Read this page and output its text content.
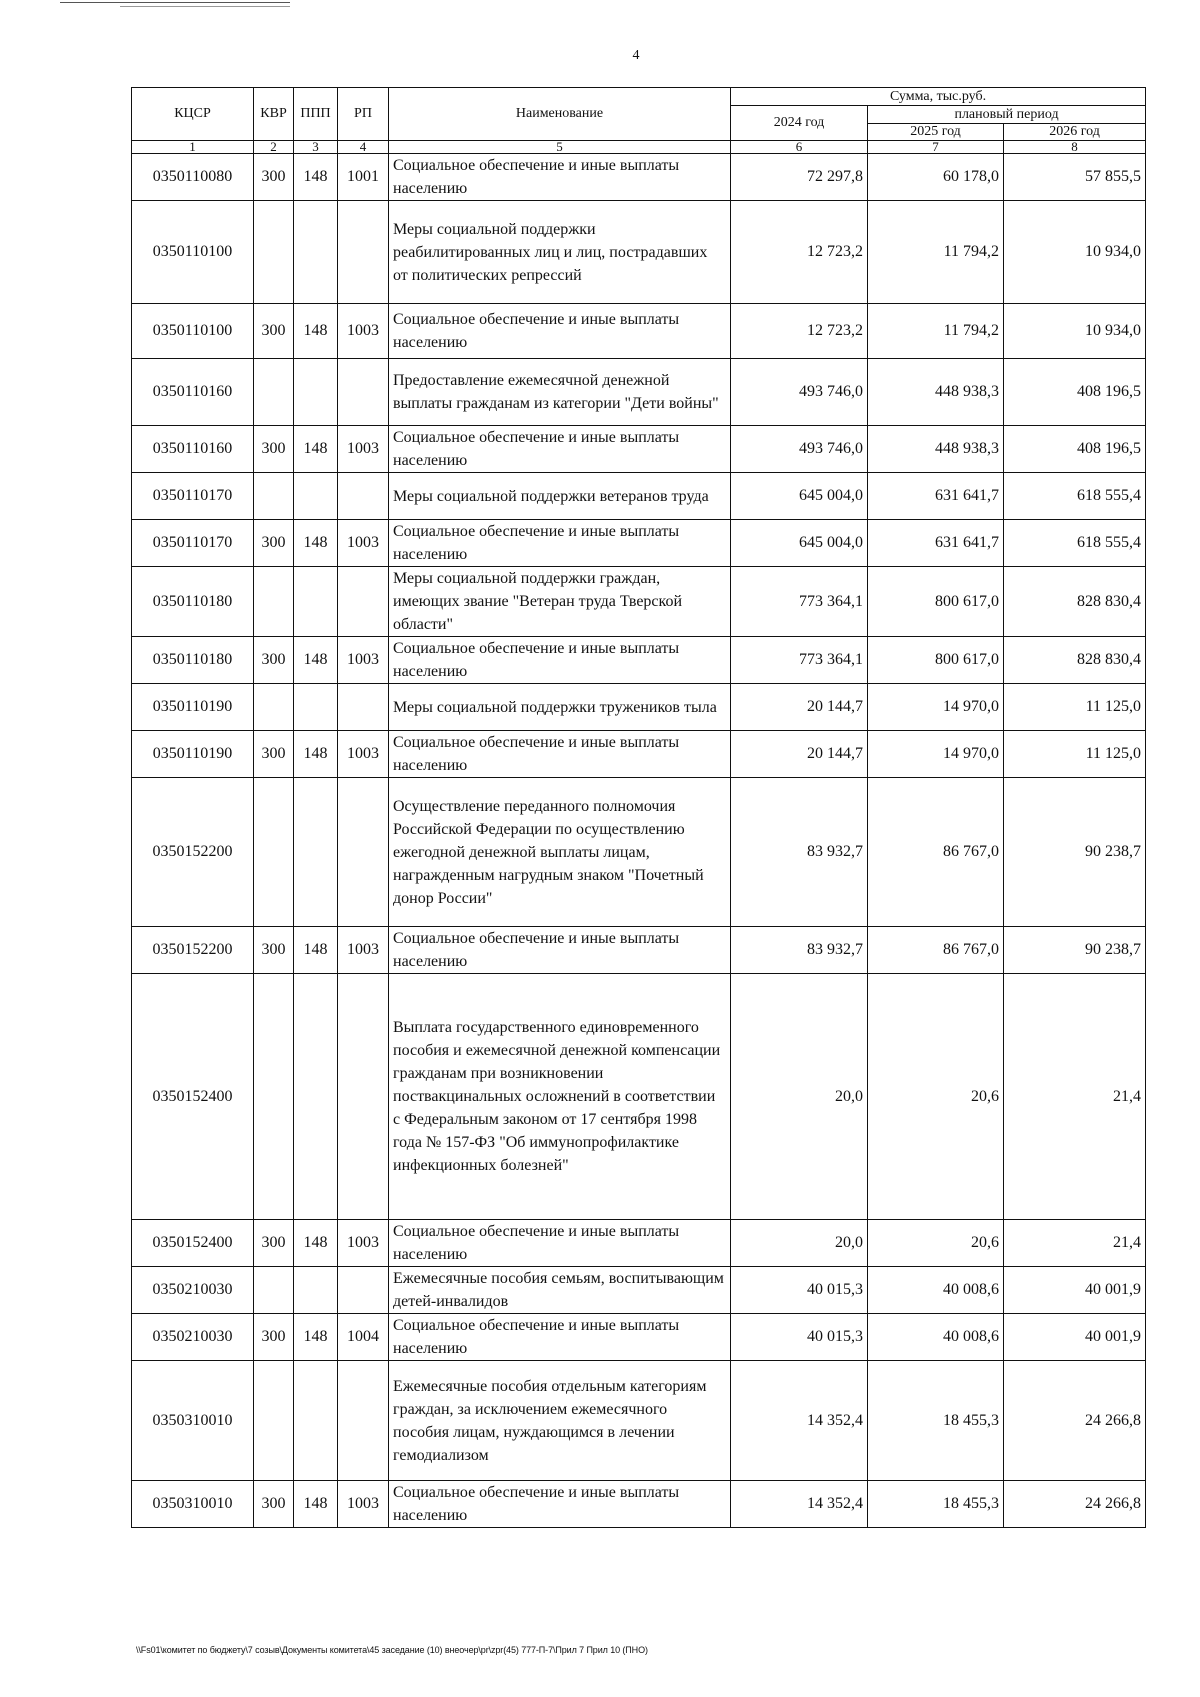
4
КЦСР	КВР	ППП	РП	Наименование	Сумма, тыс.руб.		
					2024 год	плановый период	
						2025 год	2026 год
1	2	3	4	5	6	7	8
0350110080	300	148	1001	Социальное обеспечение и иные выплаты населению	72 297,8	60 178,0	57 855,5
0350110100				Меры социальной поддержки реабилитированных лиц и лиц, пострадавших от политических репрессий	12 723,2	11 794,2	10 934,0
0350110100	300	148	1003	Социальное обеспечение и иные выплаты населению	12 723,2	11 794,2	10 934,0
0350110160				Предоставление ежемесячной денежной выплаты гражданам из категории "Дети войны"	493 746,0	448 938,3	408 196,5
0350110160	300	148	1003	Социальное обеспечение и иные выплаты населению	493 746,0	448 938,3	408 196,5
0350110170				Меры социальной поддержки ветеранов труда	645 004,0	631 641,7	618 555,4
0350110170	300	148	1003	Социальное обеспечение и иные выплаты населению	645 004,0	631 641,7	618 555,4
0350110180				Меры социальной поддержки граждан, имеющих звание "Ветеран труда Тверской области"	773 364,1	800 617,0	828 830,4
0350110180	300	148	1003	Социальное обеспечение и иные выплаты населению	773 364,1	800 617,0	828 830,4
0350110190				Меры социальной поддержки тружеников тыла	20 144,7	14 970,0	11 125,0
0350110190	300	148	1003	Социальное обеспечение и иные выплаты населению	20 144,7	14 970,0	11 125,0
0350152200				Осуществление переданного полномочия Российской Федерации по осуществлению ежегодной денежной выплаты лицам, награжденным нагрудным знаком "Почетный донор России"	83 932,7	86 767,0	90 238,7
0350152200	300	148	1003	Социальное обеспечение и иные выплаты населению	83 932,7	86 767,0	90 238,7
0350152400				Выплата государственного единовременного пособия и ежемесячной денежной компенсации гражданам при возникновении поствакцинальных осложнений в соответствии с Федеральным законом от 17 сентября 1998 года № 157-ФЗ "Об иммунопрофилактике инфекционных болезней"	20,0	20,6	21,4
0350152400	300	148	1003	Социальное обеспечение и иные выплаты населению	20,0	20,6	21,4
0350210030				Ежемесячные пособия семьям, воспитывающим детей-инвалидов	40 015,3	40 008,6	40 001,9
0350210030	300	148	1004	Социальное обеспечение и иные выплаты населению	40 015,3	40 008,6	40 001,9
0350310010				Ежемесячные пособия отдельным категориям граждан, за исключением ежемесячного пособия лицам, нуждающимся в лечении гемодиализом	14 352,4	18 455,3	24 266,8
0350310010	300	148	1003	Социальное обеспечение и иные выплаты населению	14 352,4	18 455,3	24 266,8
\\Fs01\комитет по бюджету\7 созыв\Документы комитета\45 заседание (10) внеочер\pr\zpr(45) 777-П-7\Прил 7 Прил 10 (ПНО)
